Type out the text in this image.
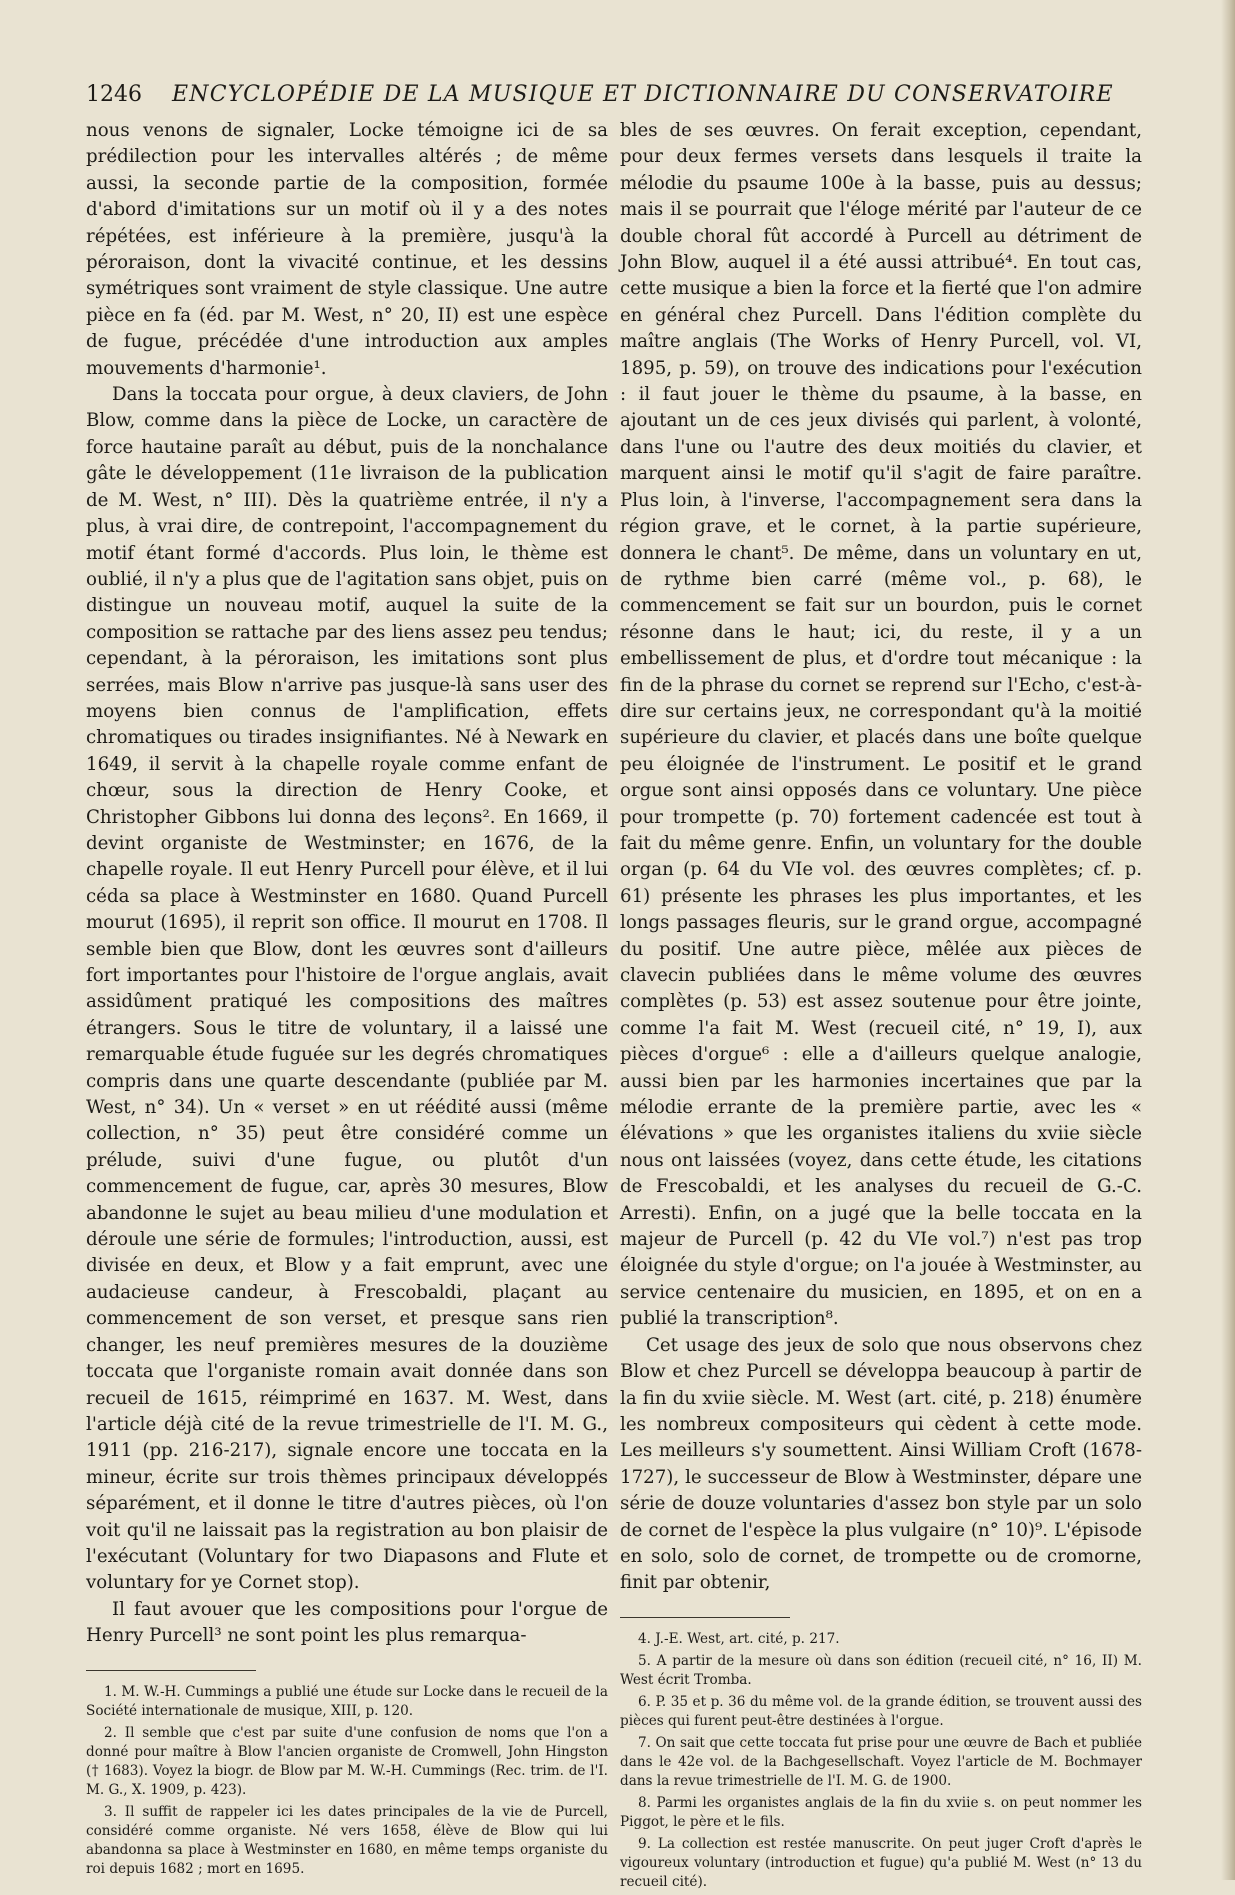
1246 ENCYCLOPÉDIE DE LA MUSIQUE ET DICTIONNAIRE DU CONSERVATOIRE

nous venons de signaler, Locke témoigne ici de sa prédilection pour les intervalles altérés ; de même aussi, la seconde partie de la composition, formée d'abord d'imitations sur un motif où il y a des notes répétées, est inférieure à la première, jusqu'à la péroraison, dont la vivacité continue, et les dessins symétriques sont vraiment de style classique. Une autre pièce en fa (éd. par M. West, n° 20, II) est une espèce de fugue, précédée d'une introduction aux amples mouvements d'harmonie¹.

Dans la toccata pour orgue, à deux claviers, de John Blow, comme dans la pièce de Locke, un caractère de force hautaine paraît au début, puis de la nonchalance gâte le développement (11e livraison de la publication de M. West, n° III). Dès la quatrième entrée, il n'y a plus, à vrai dire, de contrepoint, l'accompagnement du motif étant formé d'accords. Plus loin, le thème est oublié, il n'y a plus que de l'agitation sans objet, puis on distingue un nouveau motif, auquel la suite de la composition se rattache par des liens assez peu tendus; cependant, à la péroraison, les imitations sont plus serrées, mais Blow n'arrive pas jusque-là sans user des moyens bien connus de l'amplification, effets chromatiques ou tirades insignifiantes. Né à Newark en 1649, il servit à la chapelle royale comme enfant de chœur, sous la direction de Henry Cooke, et Christopher Gibbons lui donna des leçons². En 1669, il devint organiste de Westminster; en 1676, de la chapelle royale. Il eut Henry Purcell pour élève, et il lui céda sa place à Westminster en 1680. Quand Purcell mourut (1695), il reprit son office. Il mourut en 1708. Il semble bien que Blow, dont les œuvres sont d'ailleurs fort importantes pour l'histoire de l'orgue anglais, avait assidûment pratiqué les compositions des maîtres étrangers. Sous le titre de voluntary, il a laissé une remarquable étude fuguée sur les degrés chromatiques compris dans une quarte descendante (publiée par M. West, n° 34). Un « verset » en ut réédité aussi (même collection, n° 35) peut être considéré comme un prélude, suivi d'une fugue, ou plutôt d'un commencement de fugue, car, après 30 mesures, Blow abandonne le sujet au beau milieu d'une modulation et déroule une série de formules; l'introduction, aussi, est divisée en deux, et Blow y a fait emprunt, avec une audacieuse candeur, à Frescobaldi, plaçant au commencement de son verset, et presque sans rien changer, les neuf premières mesures de la douzième toccata que l'organiste romain avait donnée dans son recueil de 1615, réimprimé en 1637. M. West, dans l'article déjà cité de la revue trimestrielle de l'I. M. G., 1911 (pp. 216-217), signale encore une toccata en la mineur, écrite sur trois thèmes principaux développés séparément, et il donne le titre d'autres pièces, où l'on voit qu'il ne laissait pas la registration au bon plaisir de l'exécutant (Voluntary for two Diapasons and Flute et voluntary for ye Cornet stop).

Il faut avouer que les compositions pour l'orgue de Henry Purcell³ ne sont point les plus remarqua-

1. M. W.-H. Cummings a publié une étude sur Locke dans le recueil de la Société internationale de musique, XIII, p. 120.

2. Il semble que c'est par suite d'une confusion de noms que l'on a donné pour maître à Blow l'ancien organiste de Cromwell, John Hingston († 1683). Voyez la biogr. de Blow par M. W.-H. Cummings (Rec. trim. de l'I. M. G., X. 1909, p. 423).

3. Il suffit de rappeler ici les dates principales de la vie de Purcell, considéré comme organiste. Né vers 1658, élève de Blow qui lui abandonna sa place à Westminster en 1680, en même temps organiste du roi depuis 1682 ; mort en 1695.

bles de ses œuvres. On ferait exception, cependant, pour deux fermes versets dans lesquels il traite la mélodie du psaume 100e à la basse, puis au dessus; mais il se pourrait que l'éloge mérité par l'auteur de ce double choral fût accordé à Purcell au détriment de John Blow, auquel il a été aussi attribué⁴. En tout cas, cette musique a bien la force et la fierté que l'on admire en général chez Purcell. Dans l'édition complète du maître anglais (The Works of Henry Purcell, vol. VI, 1895, p. 59), on trouve des indications pour l'exécution : il faut jouer le thème du psaume, à la basse, en ajoutant un de ces jeux divisés qui parlent, à volonté, dans l'une ou l'autre des deux moitiés du clavier, et marquent ainsi le motif qu'il s'agit de faire paraître. Plus loin, à l'inverse, l'accompagnement sera dans la région grave, et le cornet, à la partie supérieure, donnera le chant⁵. De même, dans un voluntary en ut, de rythme bien carré (même vol., p. 68), le commencement se fait sur un bourdon, puis le cornet résonne dans le haut; ici, du reste, il y a un embellissement de plus, et d'ordre tout mécanique : la fin de la phrase du cornet se reprend sur l'Echo, c'est-à-dire sur certains jeux, ne correspondant qu'à la moitié supérieure du clavier, et placés dans une boîte quelque peu éloignée de l'instrument. Le positif et le grand orgue sont ainsi opposés dans ce voluntary. Une pièce pour trompette (p. 70) fortement cadencée est tout à fait du même genre. Enfin, un voluntary for the double organ (p. 64 du VIe vol. des œuvres complètes; cf. p. 61) présente les phrases les plus importantes, et les longs passages fleuris, sur le grand orgue, accompagné du positif. Une autre pièce, mêlée aux pièces de clavecin publiées dans le même volume des œuvres complètes (p. 53) est assez soutenue pour être jointe, comme l'a fait M. West (recueil cité, n° 19, I), aux pièces d'orgue⁶ : elle a d'ailleurs quelque analogie, aussi bien par les harmonies incertaines que par la mélodie errante de la première partie, avec les « élévations » que les organistes italiens du xviie siècle nous ont laissées (voyez, dans cette étude, les citations de Frescobaldi, et les analyses du recueil de G.-C. Arresti). Enfin, on a jugé que la belle toccata en la majeur de Purcell (p. 42 du VIe vol.⁷) n'est pas trop éloignée du style d'orgue; on l'a jouée à Westminster, au service centenaire du musicien, en 1895, et on en a publié la transcription⁸.

Cet usage des jeux de solo que nous observons chez Blow et chez Purcell se développa beaucoup à partir de la fin du xviie siècle. M. West (art. cité, p. 218) énumère les nombreux compositeurs qui cèdent à cette mode. Les meilleurs s'y soumettent. Ainsi William Croft (1678-1727), le successeur de Blow à Westminster, dépare une série de douze voluntaries d'assez bon style par un solo de cornet de l'espèce la plus vulgaire (n° 10)⁹. L'épisode en solo, solo de cornet, de trompette ou de cromorne, finit par obtenir,

4. J.-E. West, art. cité, p. 217.

5. A partir de la mesure où dans son édition (recueil cité, n° 16, II) M. West écrit Tromba.

6. P. 35 et p. 36 du même vol. de la grande édition, se trouvent aussi des pièces qui furent peut-être destinées à l'orgue.

7. On sait que cette toccata fut prise pour une œuvre de Bach et publiée dans le 42e vol. de la Bachgesellschaft. Voyez l'article de M. Bochmayer dans la revue trimestrielle de l'I. M. G. de 1900.

8. Parmi les organistes anglais de la fin du xviie s. on peut nommer les Piggot, le père et le fils.

9. La collection est restée manuscrite. On peut juger Croft d'après le vigoureux voluntary (introduction et fugue) qu'a publié M. West (n° 13 du recueil cité).
